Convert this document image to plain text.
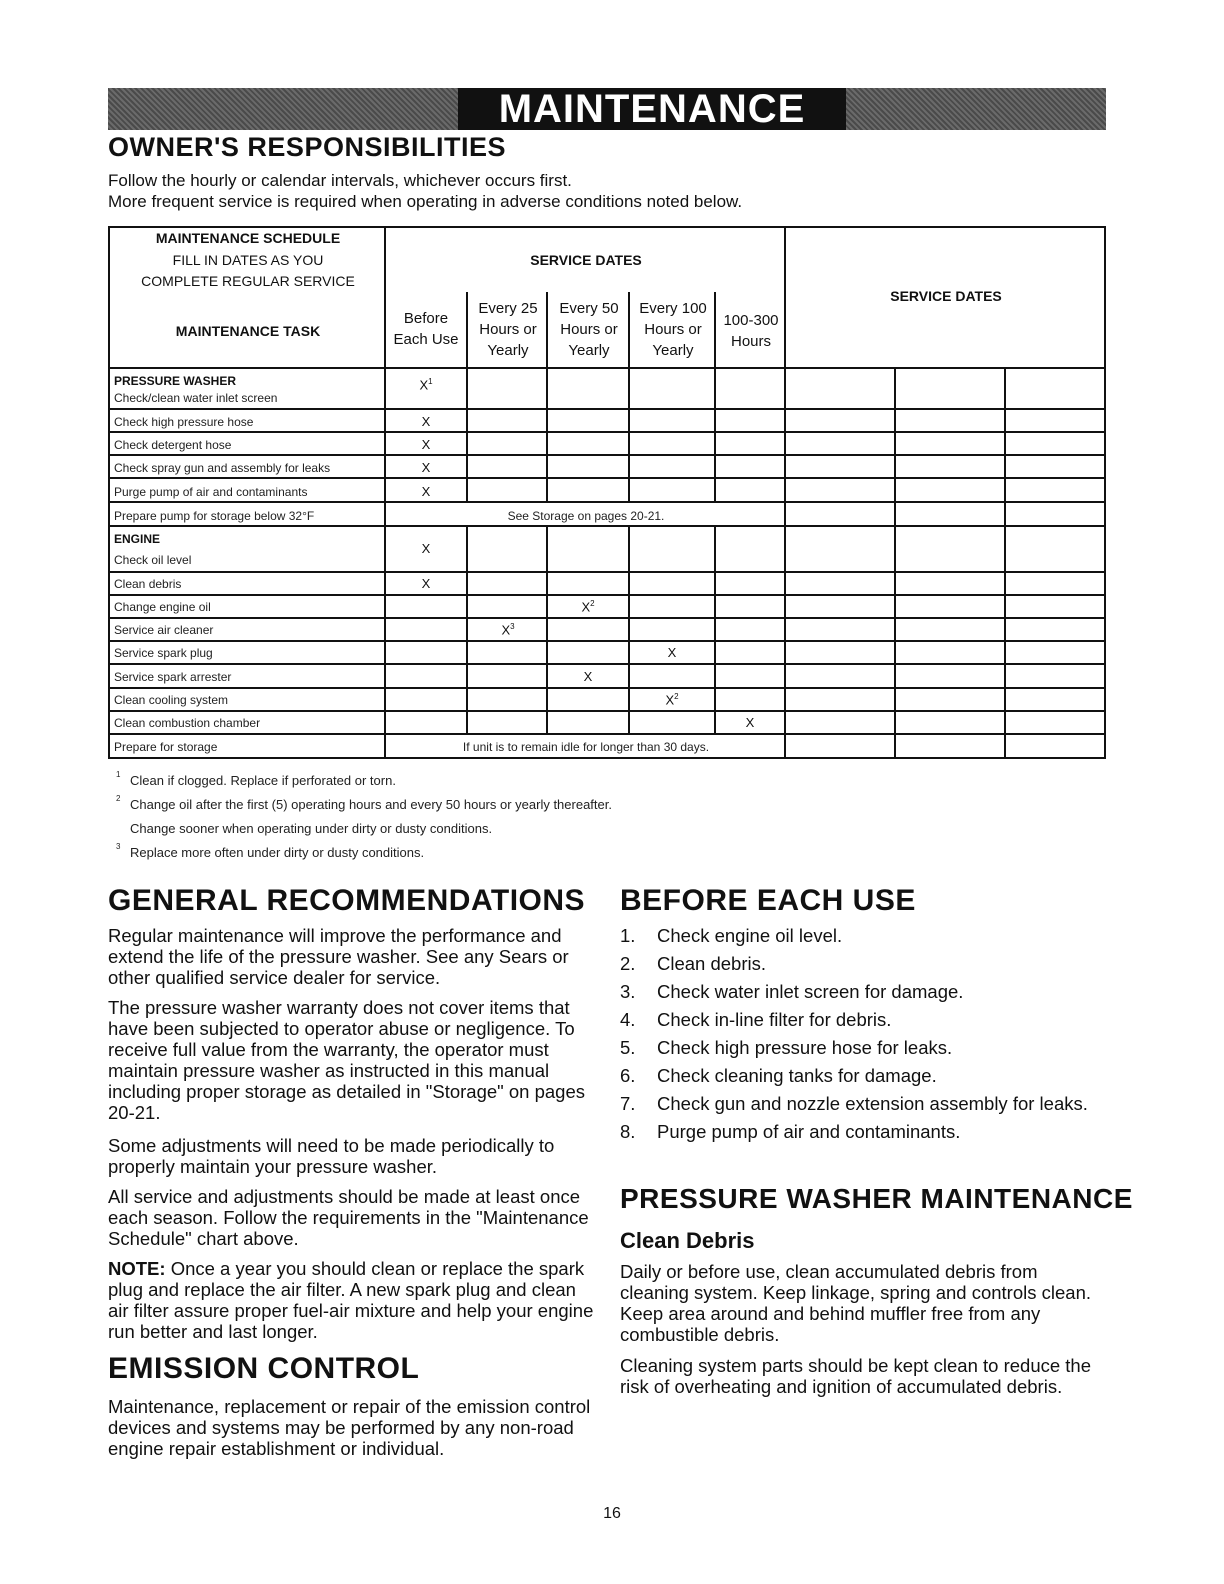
MAINTENANCE
OWNER'S RESPONSIBILITIES
Follow the hourly or calendar intervals, whichever occurs first.
More frequent service is required when operating in adverse conditions noted below.
MAINTENANCE SCHEDULE
FILL IN DATES AS YOU
COMPLETE REGULAR SERVICE
MAINTENANCE TASK
SERVICE DATES
SERVICE DATES
Before
Each Use
Every 25
Hours or
Yearly
Every 50
Hours or
Yearly
Every 100
Hours or
Yearly
100-300
Hours
PRESSURE WASHER
Check/clean water inlet screen
Check high pressure hose
Check detergent hose
Check spray gun and assembly for leaks
Purge pump of air and contaminants
Prepare pump for storage below 32°F	See Storage on pages 20-21.
ENGINE
Check oil level
Clean debris
Change engine oil
Service air cleaner
Service spark plug
Service spark arrester
Clean cooling system
Clean combustion chamber
Prepare for storage	If unit is to remain idle for longer than 30 days.
$X^1$
X
X
X
X
X
X
$X^2$
$X^3$
X
X
$X^2$
X
1 Clean if clogged. Replace if perforated or torn.
2 Change oil after the first (5) operating hours and every 50 hours or yearly thereafter.
Change sooner when operating under dirty or dusty conditions.
3 Replace more often under dirty or dusty conditions.
GENERAL RECOMMENDATIONS
Regular maintenance will improve the performance and extend the life of the pressure washer. See any Sears or other qualified service dealer for service.
The pressure washer warranty does not cover items that have been subjected to operator abuse or negligence. To receive full value from the warranty, the operator must maintain pressure washer as instructed in this manual including proper storage as detailed in "Storage" on pages 20-21.
Some adjustments will need to be made periodically to properly maintain your pressure washer.
All service and adjustments should be made at least once each season. Follow the requirements in the "Maintenance Schedule" chart above.
NOTE: Once a year you should clean or replace the spark plug and replace the air filter. A new spark plug and clean air filter assure proper fuel-air mixture and help your engine run better and last longer.
EMISSION CONTROL
Maintenance, replacement or repair of the emission control devices and systems may be performed by any non-road engine repair establishment or individual.
BEFORE EACH USE
1. Check engine oil level.
2. Clean debris.
3. Check water inlet screen for damage.
4. Check in-line filter for debris.
5. Check high pressure hose for leaks.
6. Check cleaning tanks for damage.
7. Check gun and nozzle extension assembly for leaks.
8. Purge pump of air and contaminants.
PRESSURE WASHER MAINTENANCE
Clean Debris
Daily or before use, clean accumulated debris from cleaning system. Keep linkage, spring and controls clean. Keep area around and behind muffler free from any combustible debris.
Cleaning system parts should be kept clean to reduce the risk of overheating and ignition of accumulated debris.
16
